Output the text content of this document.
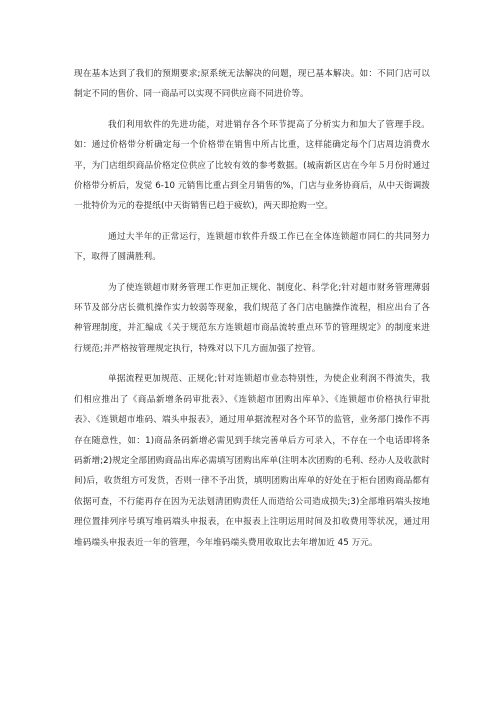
现在基本达到了我们的预期要求;原系统无法解决的问题，现已基本解决。如：不同门店可以制定不同的售价、同一商品可以实现不同供应商不同进价等。

我们利用软件的先进功能，对进销存各个环节提高了分析实力和加大了管理手段。如：通过价格带分析确定每一个价格带在销售中所占比重，这样能确定每个门店周边消费水平，为门店组织商品价格定位供应了比较有效的参考数据。(城南新区店在今年５月份时通过价格带分析后，发觉 6-10 元销售比重占到全月销售的%，门店与业务协商后，从中天街调拨一批特价为元的卷提纸(中天街销售已趋于疲软)，两天即抢购一空。

通过大半年的正常运行，连锁超市软件升级工作已在全体连锁超市同仁的共同努力下，取得了圆满胜利。

为了使连锁超市财务管理工作更加正规化、制度化、科学化;针对超市财务管理薄弱环节及部分店长微机操作实力较弱等现象，我们规范了各门店电脑操作流程，相应出台了各种管理制度，并汇编成《关于规范东方连锁超市商品流转重点环节的管理规定》的制度来进行规范;并严格按管理规定执行，特殊对以下几方面加强了控管。

单据流程更加规范、正规化;针对连锁超市业态特别性，为使企业利润不得流失，我们相应推出了《商品新增条码审批表》、《连锁超市团购出库单》、《连锁超市价格执行审批表》、《连锁超市堆码、端头申报表》，通过用单据流程对各个环节的监管，业务部门操作不再存在随意性，如：1)商品条码新增必需见到手续完善单后方可录入，不存在一个电话即将条码新增;2)规定全部团购商品出库必需填写团购出库单(注明本次团购的毛利、经办人及收款时间)后，收货组方可发货，否则一律不予出货，填明团购出库单的好处在于柜台团购商品都有依据可查，不行能再存在因为无法划清团购责任人而造给公司造成损失;3)全部堆码端头按地理位置排列序号填写堆码端头申报表，在申报表上注明运用时间及扣收费用等状况，通过用堆码端头申报表近一年的管理，今年堆码端头费用收取比去年增加近 45 万元。
